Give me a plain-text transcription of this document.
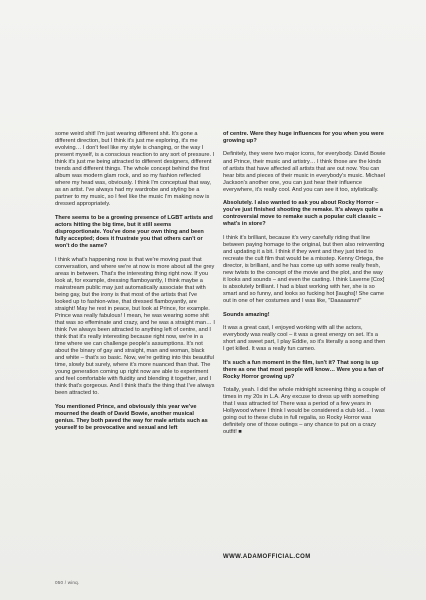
some weird shit! I'm just wearing different shit. It's gone a different direction, but I think it's just me exploring, it's me evolving… I don't feel like my style is changing, or the way I present myself, is a conscious reaction to any sort of pressure. I think it's just me being attracted to different designers, different trends and different things. The whole concept behind the first album was modern glam rock, and so my fashion reflected where my head was, obviously. I think I'm conceptual that way, as an artist. I've always had my wardrobe and styling be a partner to my music, so I feel like the music I'm making now is dressed appropriately.

There seems to be a growing presence of LGBT artists and actors hitting the big time, but it still seems disproportionate. You've done your own thing and been fully accepted; does it frustrate you that others can't or won't do the same?

I think what's happening now is that we're moving past that conversation, and where we're at now is more about all the grey areas in between. That's the interesting thing right now. If you look at, for example, dressing flamboyantly, I think maybe a mainstream public may just automatically associate that with being gay, but the irony is that most of the artists that I've looked up to fashion-wise, that dressed flamboyantly, are straight! May he rest in peace, but look at Prince, for example. Prince was really fabulous! I mean, he was wearing some shit that was so effeminate and crazy, and he was a straight man… I think I've always been attracted to anything left of centre, and I think that it's really interesting because right now, we're in a time where we can challenge people's assumptions. It's not about the binary of gay and straight, man and woman, black and white – that's so basic. Now, we're getting into this beautiful time, slowly but surely, where it's more nuanced than that. The young generation coming up right now are able to experiment and feel comfortable with fluidity and blending it together, and I think that's gorgeous. And I think that's the thing that I've always been attracted to.

You mentioned Prince, and obviously this year we've mourned the death of David Bowie, another musical genius. They both paved the way for male artists such as yourself to be provocative and sexual and left

of centre. Were they huge influences for you when you were growing up?

Definitely, they were two major icons, for everybody. David Bowie and Prince, their music and artistry… I think those are the kinds of artists that have affected all artists that are out now. You can hear bits and pieces of their music in everybody's music. Michael Jackson's another one, you can just hear their influence everywhere, it's really cool. And you can see it too, stylistically.

Absolutely. I also wanted to ask you about Rocky Horror – you've just finished shooting the remake. It's always quite a controversial move to remake such a popular cult classic – what's in store?

I think it's brilliant, because it's very carefully riding that line between paying homage to the original, but then also reinventing and updating it a bit. I think if they went and they just tried to recreate the cult film that would be a misstep. Kenny Ortega, the director, is brilliant, and he has come up with some really fresh, new twists to the concept of the movie and the plot, and the way it looks and sounds – and even the casting. I think Laverne [Cox] is absolutely brilliant. I had a blast working with her, she is so smart and so funny, and looks so fucking hot [laughs]! She came out in one of her costumes and I was like, "Daaaaamn!"

Sounds amazing!

It was a great cast, I enjoyed working with all the actors, everybody was really cool – it was a great energy on set. It's a short and sweet part, I play Eddie, so it's literally a song and then I get killed. It was a really fun cameo.

It's such a fun moment in the film, isn't it? That song is up there as one that most people will know… Were you a fan of Rocky Horror growing up?

Totally, yeah. I did the whole midnight screening thing a couple of times in my 20s in L.A. Any excuse to dress up with something that I was attracted to! There was a period of a few years in Hollywood where I think I would be considered a club kid… I was going out to these clubs in full regalia, so Rocky Horror was definitely one of those outings – any chance to put on a crazy outfit! ■

WWW.ADAMOFFICIAL.COM
050 / winq.
